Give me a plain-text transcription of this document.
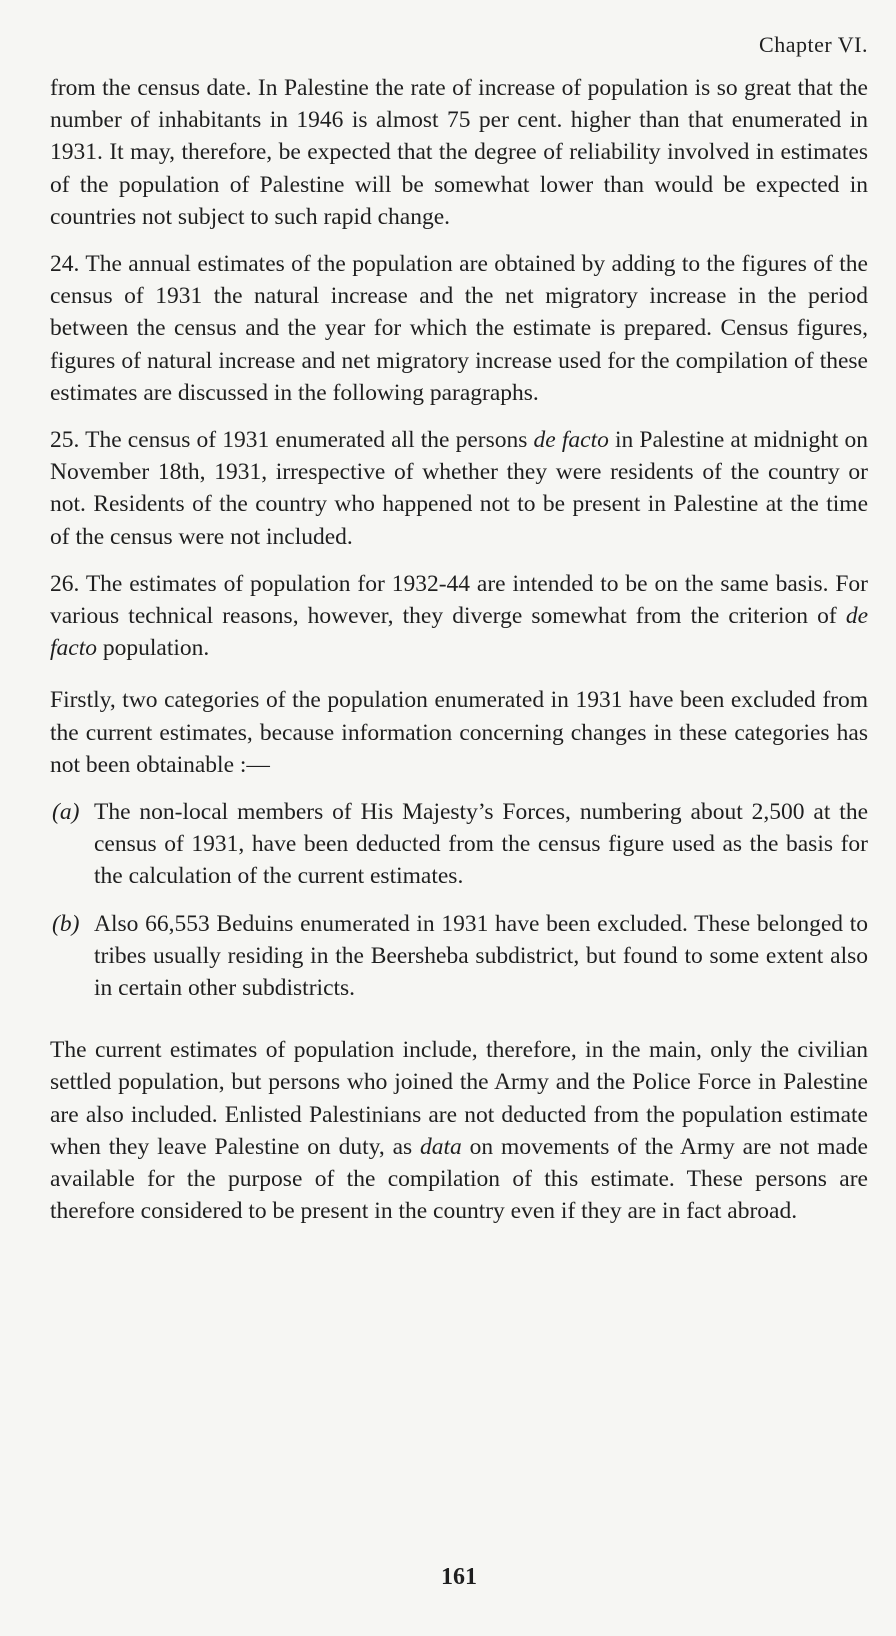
Chapter VI.

from the census date. In Palestine the rate of increase of population is so great that the number of inhabitants in 1946 is almost 75 per cent. higher than that enumerated in 1931. It may, therefore, be expected that the degree of reliability involved in estimates of the population of Palestine will be somewhat lower than would be expected in countries not subject to such rapid change.

24. The annual estimates of the population are obtained by adding to the figures of the census of 1931 the natural increase and the net migratory increase in the period between the census and the year for which the estimate is prepared. Census figures, figures of natural increase and net migratory increase used for the compilation of these estimates are discussed in the following paragraphs.

25. The census of 1931 enumerated all the persons de facto in Palestine at midnight on November 18th, 1931, irrespective of whether they were residents of the country or not. Residents of the country who happened not to be present in Palestine at the time of the census were not included.

26. The estimates of population for 1932-44 are intended to be on the same basis. For various technical reasons, however, they diverge somewhat from the criterion of de facto population.

Firstly, two categories of the population enumerated in 1931 have been excluded from the current estimates, because information concerning changes in these categories has not been obtainable :—

(a) The non-local members of His Majesty’s Forces, numbering about 2,500 at the census of 1931, have been deducted from the census figure used as the basis for the calculation of the current estimates.
(b) Also 66,553 Beduins enumerated in 1931 have been excluded. These belonged to tribes usually residing in the Beersheba subdistrict, but found to some extent also in certain other subdistricts.

The current estimates of population include, therefore, in the main, only the civilian settled population, but persons who joined the Army and the Police Force in Palestine are also included. Enlisted Palestinians are not deducted from the population estimate when they leave Palestine on duty, as data on movements of the Army are not made available for the purpose of the compilation of this estimate. These persons are therefore considered to be present in the country even if they are in fact abroad.

161
